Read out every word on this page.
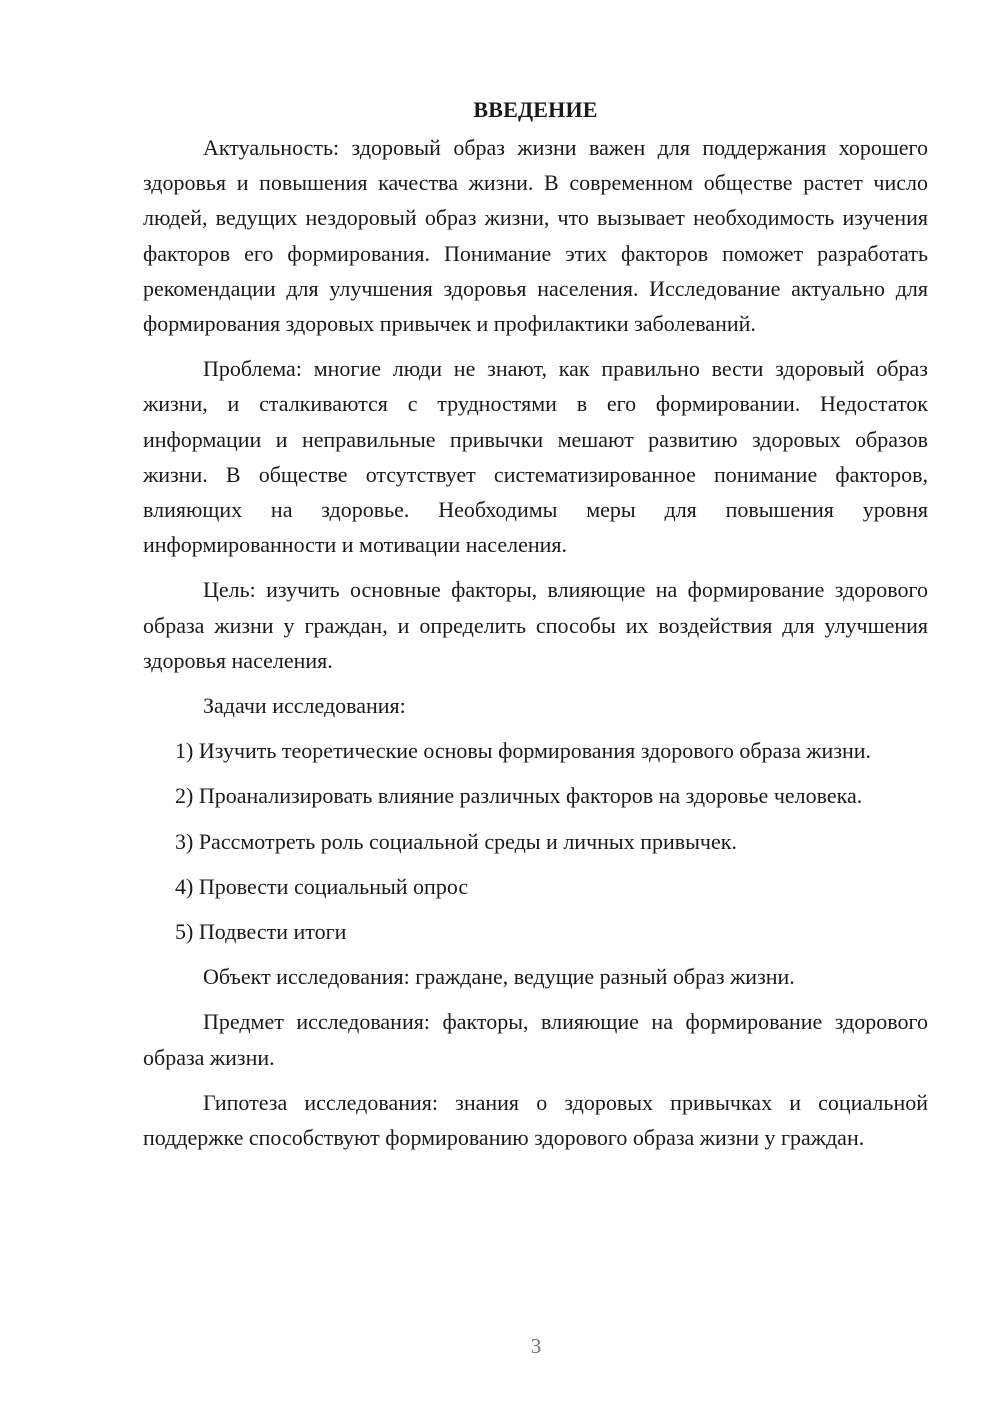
ВВЕДЕНИЕ

Актуальность: здоровый образ жизни важен для поддержания хорошего здоровья и повышения качества жизни. В современном обществе растет число людей, ведущих нездоровый образ жизни, что вызывает необходимость изучения факторов его формирования. Понимание этих факторов поможет разработать рекомендации для улучшения здоровья населения. Исследование актуально для формирования здоровых привычек и профилактики заболеваний.

Проблема: многие люди не знают, как правильно вести здоровый образ жизни, и сталкиваются с трудностями в его формировании. Недостаток информации и неправильные привычки мешают развитию здоровых образов жизни. В обществе отсутствует систематизированное понимание факторов, влияющих на здоровье. Необходимы меры для повышения уровня информированности и мотивации населения.

Цель: изучить основные факторы, влияющие на формирование здорового образа жизни у граждан, и определить способы их воздействия для улучшения здоровья населения.

Задачи исследования:

1) Изучить теоретические основы формирования здорового образа жизни.

2) Проанализировать влияние различных факторов на здоровье человека.

3) Рассмотреть роль социальной среды и личных привычек.

4) Провести социальный опрос

5) Подвести итоги

Объект исследования: граждане, ведущие разный образ жизни.

Предмет исследования: факторы, влияющие на формирование здорового образа жизни.

Гипотеза исследования: знания о здоровых привычках и социальной поддержке способствуют формированию здорового образа жизни у граждан.

3
